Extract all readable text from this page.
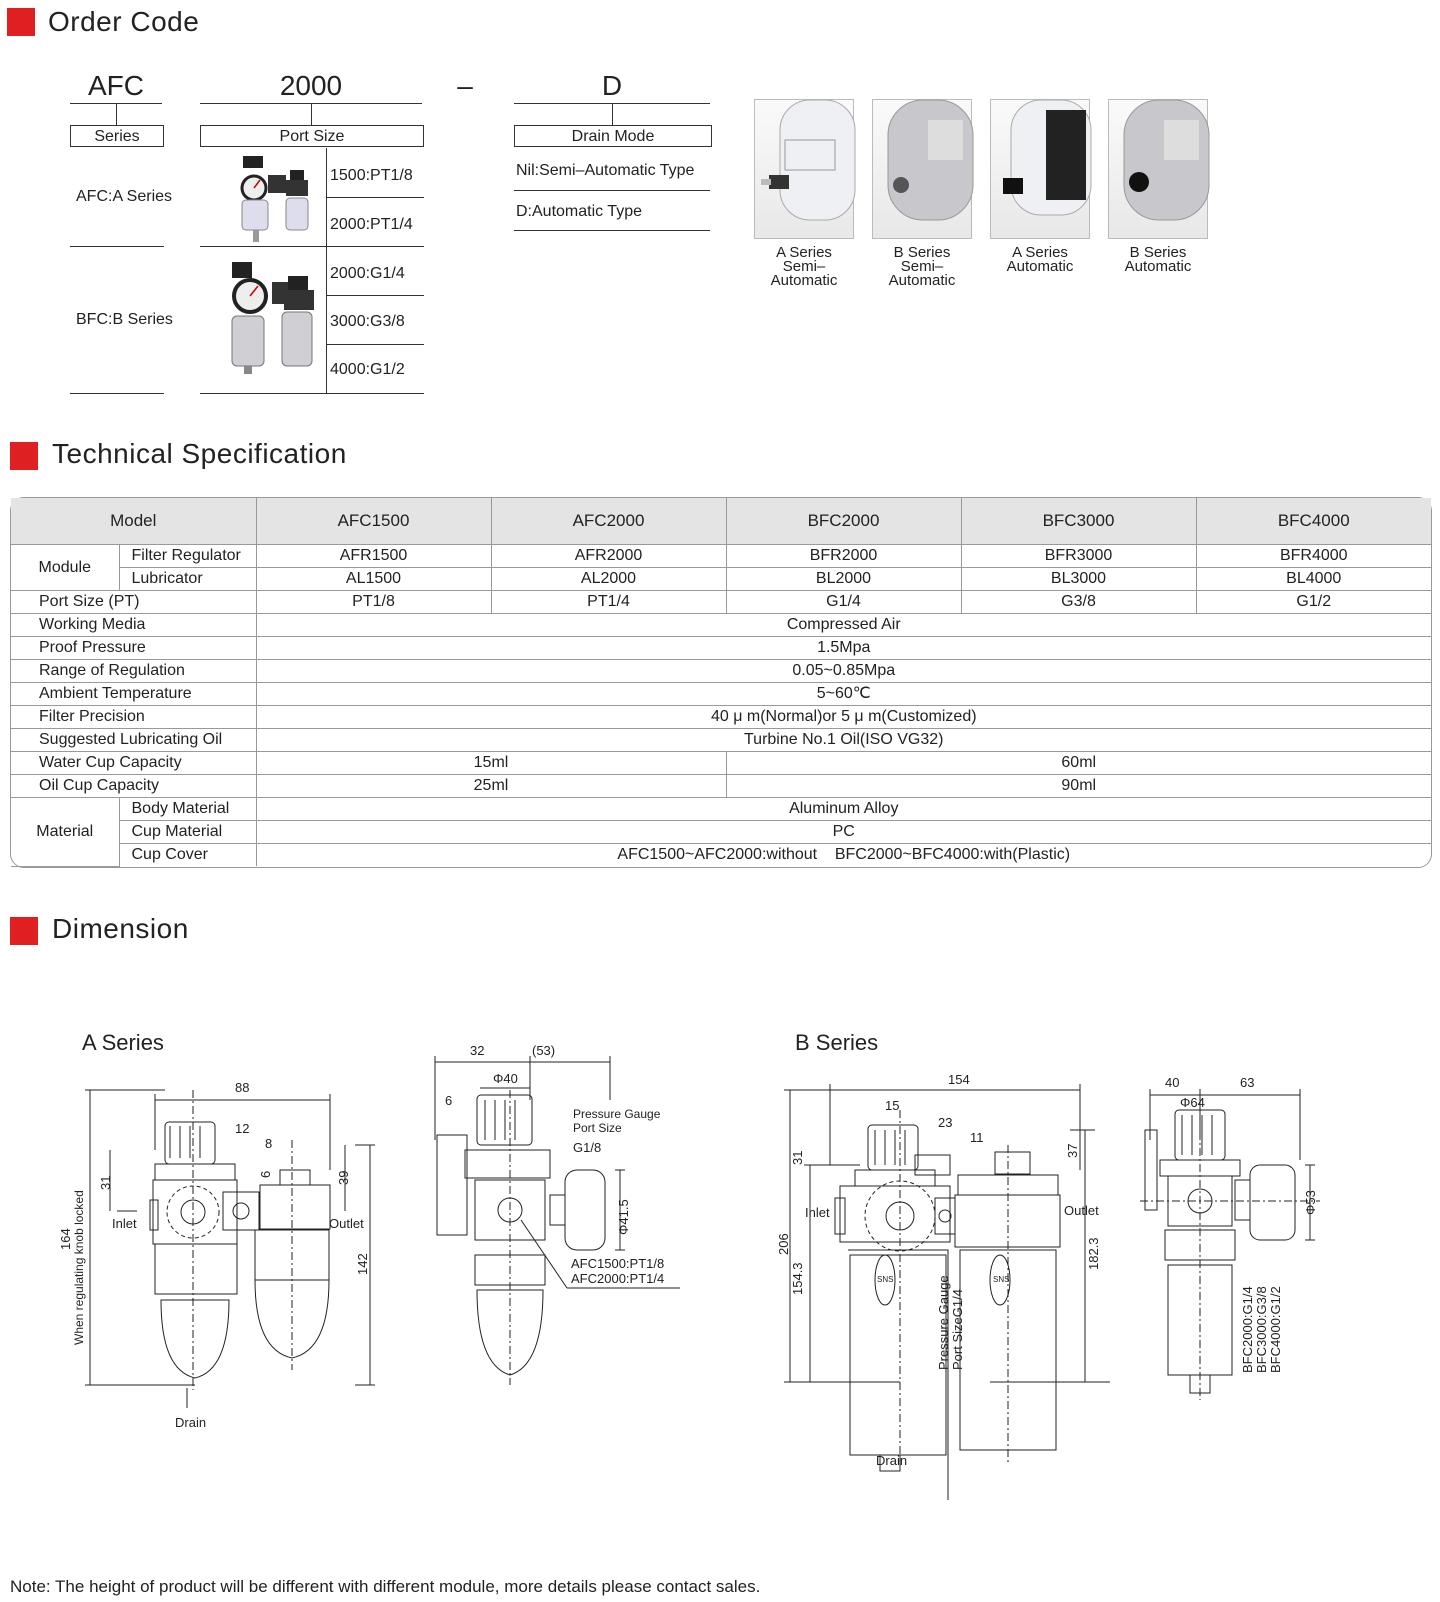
Order Code
AFC	2000	–	D
Series	Port Size	Drain Mode
AFC:A Series
BFC:B Series
1500:PT1/8
2000:PT1/4
2000:G1/4
3000:G3/8
4000:G1/2
Nil:Semi–Automatic Type
D:Automatic Type
A Series
Semi–
Automatic
B Series
Semi–
Automatic
A Series
Automatic
B Series
Automatic
Technical Specification
Model		AFC1500	AFC2000	BFC2000	BFC3000	BFC4000
Module	Filter Regulator	AFR1500	AFR2000	BFR2000	BFR3000	BFR4000
	Lubricator	AL1500	AL2000	BL2000	BL3000	BL4000
Port Size (PT)		PT1/8	PT1/4	G1/4	G3/8	G1/2
Working Media		Compressed Air				
Proof Pressure		1.5Mpa				
Range of Regulation		0.05~0.85Mpa				
Ambient Temperature		5~60℃				
Filter Precision		40 μ m(Normal)or 5 μ m(Customized)				
Suggested Lubricating Oil		Turbine No.1 Oil(ISO VG32)				
Water Cup Capacity		15ml		60ml		
Oil Cup Capacity		25ml		90ml		
Material	Body Material	Aluminum Alloy				
	Cup Material	PC				
	Cup Cover	AFC1500~AFC2000:without    BFC2000~BFC4000:with(Plastic)				
Dimension
A Series	B Series
88
12
8
6
31	39
142
164 When regulating knob locked Inlet	Outlet
Drain
32	(53)
Φ40
6
Pressure Gauge
Port Size
G1/8
Φ41.5
AFC1500:PT1/8
AFC2000:PT1/4
154
15
23
11
SNS	SNS
31	37
206
154.3
182.3
Inlet	Outlet
Drain
Pressure Gauge Port SizeG1/4
40	63
Φ64
Φ53
BFC2000:G1/4 BFC3000:G3/8 BFC4000:G1/2
Note: The height of product will be different with different module, more details please contact sales.
